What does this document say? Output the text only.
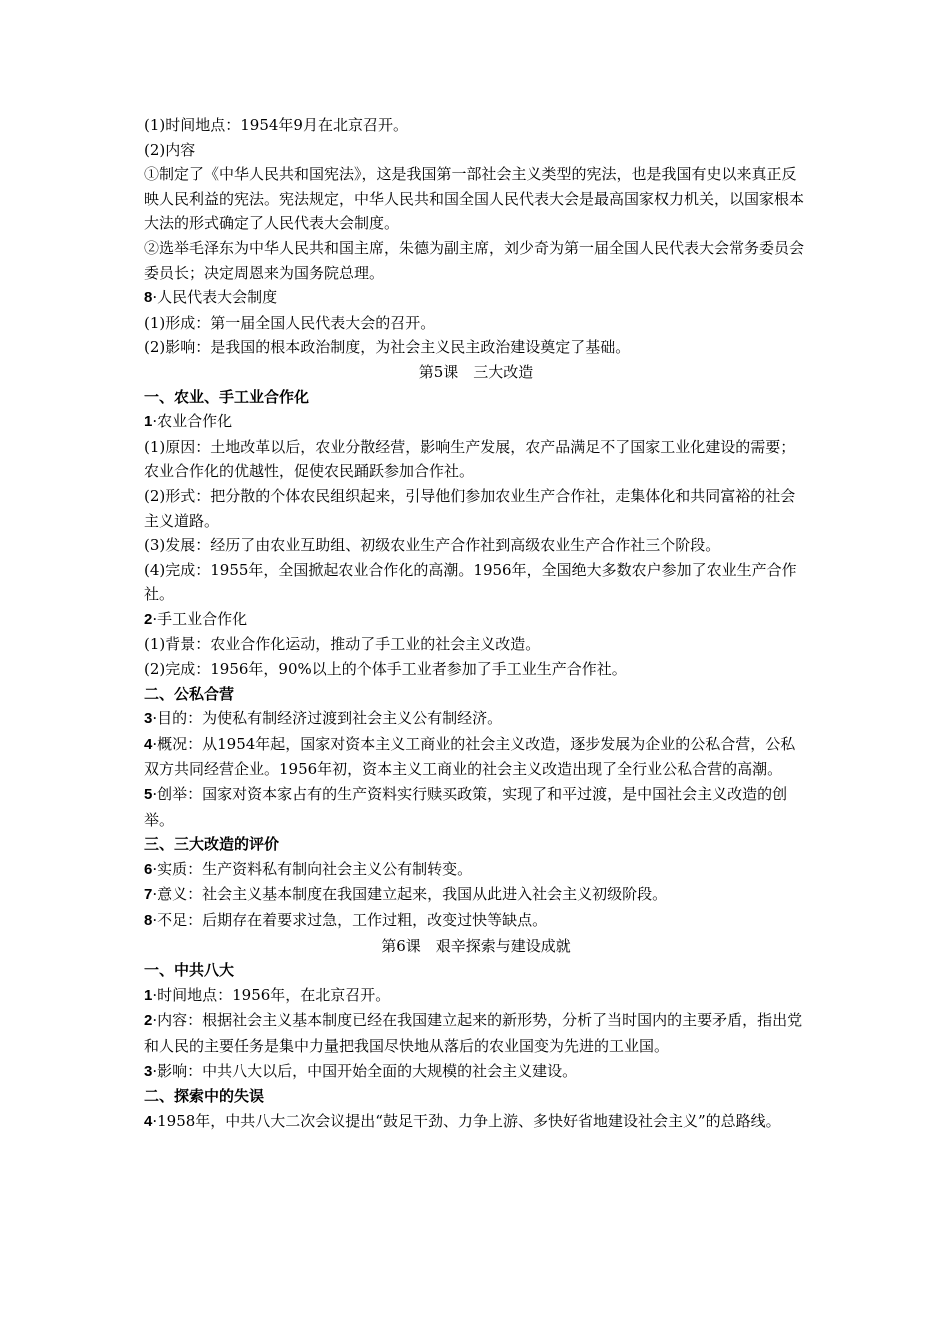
(1)时间地点：1954年9月在北京召开。

(2)内容

①制定了《中华人民共和国宪法》，这是我国第一部社会主义类型的宪法，也是我国有史以来真正反映人民利益的宪法。宪法规定，中华人民共和国全国人民代表大会是最高国家权力机关，以国家根本大法的形式确定了人民代表大会制度。

②选举毛泽东为中华人民共和国主席，朱德为副主席，刘少奇为第一届全国人民代表大会常务委员会委员长；决定周恩来为国务院总理。

8·人民代表大会制度

(1)形成：第一届全国人民代表大会的召开。

(2)影响：是我国的根本政治制度，为社会主义民主政治建设奠定了基础。

第5课　三大改造

一、农业、手工业合作化

1·农业合作化

(1)原因：土地改革以后，农业分散经营，影响生产发展，农产品满足不了国家工业化建设的需要；农业合作化的优越性，促使农民踊跃参加合作社。

(2)形式：把分散的个体农民组织起来，引导他们参加农业生产合作社，走集体化和共同富裕的社会主义道路。

(3)发展：经历了由农业互助组、初级农业生产合作社到高级农业生产合作社三个阶段。

(4)完成：1955年，全国掀起农业合作化的高潮。1956年，全国绝大多数农户参加了农业生产合作社。

2·手工业合作化

(1)背景：农业合作化运动，推动了手工业的社会主义改造。

(2)完成：1956年，90%以上的个体手工业者参加了手工业生产合作社。

二、公私合营

3·目的：为使私有制经济过渡到社会主义公有制经济。

4·概况：从1954年起，国家对资本主义工商业的社会主义改造，逐步发展为企业的公私合营，公私双方共同经营企业。1956年初，资本主义工商业的社会主义改造出现了全行业公私合营的高潮。

5·创举：国家对资本家占有的生产资料实行赎买政策，实现了和平过渡，是中国社会主义改造的创举。

三、三大改造的评价

6·实质：生产资料私有制向社会主义公有制转变。

7·意义：社会主义基本制度在我国建立起来，我国从此进入社会主义初级阶段。

8·不足：后期存在着要求过急，工作过粗，改变过快等缺点。

第6课　艰辛探索与建设成就

一、中共八大

1·时间地点：1956年，在北京召开。

2·内容：根据社会主义基本制度已经在我国建立起来的新形势，分析了当时国内的主要矛盾，指出党和人民的主要任务是集中力量把我国尽快地从落后的农业国变为先进的工业国。

3·影响：中共八大以后，中国开始全面的大规模的社会主义建设。

二、探索中的失误

4·1958年，中共八大二次会议提出“鼓足干劲、力争上游、多快好省地建设社会主义”的总路线。
